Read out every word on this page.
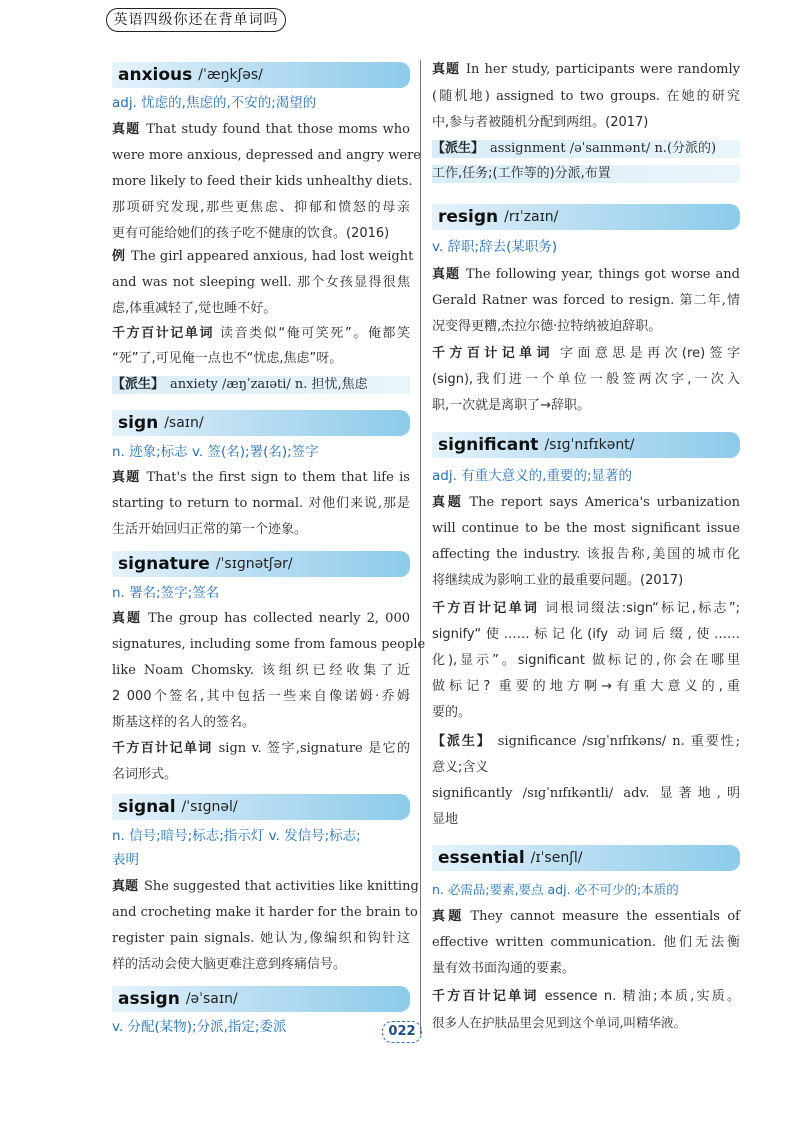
英语四级你还在背单词吗
anxious /ˈæŋkʃəs/
adj. 忧虑的,焦虑的,不安的;渴望的
真题 That study found that those moms who
were more anxious, depressed and angry were
more likely to feed their kids unhealthy diets.
那项研究发现,那些更焦虑、抑郁和愤怒的母亲
更有可能给她们的孩子吃不健康的饮食。(2016)
例 The girl appeared anxious, had lost weight
and was not sleeping well. 那个女孩显得很焦
虑,体重减轻了,觉也睡不好。
千方百计记单词 读音类似“俺可笑死”。俺都笑
“死”了,可见俺一点也不“忧虑,焦虑”呀。
【派生】 anxiety /æŋˈzaɪəti/ n. 担忧,焦虑
sign /saɪn/
n. 迹象;标志 v. 签(名);署(名);签字
真题 That's the first sign to them that life is
starting to return to normal. 对他们来说,那是
生活开始回归正常的第一个迹象。
signature /ˈsɪɡnətʃər/
n. 署名;签字;签名
真题 The group has collected nearly 2, 000
signatures, including some from famous people
like Noam Chomsky. 该组织已经收集了近
2 000个签名,其中包括一些来自像诺姆·乔姆
斯基这样的名人的签名。
千方百计记单词 sign v. 签字,signature 是它的
名词形式。
signal /ˈsɪɡnəl/
n. 信号;暗号;标志;指示灯 v. 发信号;标志;
表明
真题 She suggested that activities like knitting
and crocheting make it harder for the brain to
register pain signals. 她认为,像编织和钩针这
样的活动会使大脑更难注意到疼痛信号。
assign /əˈsaɪn/
v. 分配(某物);分派,指定;委派
真题 In her study, participants were randomly
(随机地) assigned to two groups. 在她的研究
中,参与者被随机分配到两组。(2017)
【派生】 assignment /əˈsaɪnmənt/ n.(分派的)
工作,任务;(工作等的)分派,布置
resign /rɪˈzaɪn/
v. 辞职;辞去(某职务)
真题 The following year, things got worse and
Gerald Ratner was forced to resign. 第二年,情
况变得更糟,杰拉尔德·拉特纳被迫辞职。
千方百计记单词 字面意思是再次(re)签字
(sign),我们进一个单位一般签两次字,一次入
职,一次就是离职了→辞职。
significant /sɪɡˈnɪfɪkənt/
adj. 有重大意义的,重要的;显著的
真题 The report says America's urbanization
will continue to be the most significant issue
affecting the industry. 该报告称,美国的城市化
将继续成为影响工业的最重要问题。(2017)
千方百计记单词 词根词缀法:sign“标记,标志”;
signify“使……标记化(ify 动词后缀,使……
化),显示”。significant 做标记的,你会在哪里
做标记? 重要的地方啊→有重大意义的,重
要的。
【派生】 significance /sɪɡˈnɪfɪkəns/ n. 重要性;
意义;含义
significantly /sɪɡˈnɪfɪkəntli/ adv. 显著地,明
显地
essential /ɪˈsenʃl/
n. 必需品;要素,要点 adj. 必不可少的;本质的
真题 They cannot measure the essentials of
effective written communication. 他们无法衡
量有效书面沟通的要素。
千方百计记单词 essence n. 精油;本质,实质。
很多人在护肤品里会见到这个单词,叫精华液。
022
